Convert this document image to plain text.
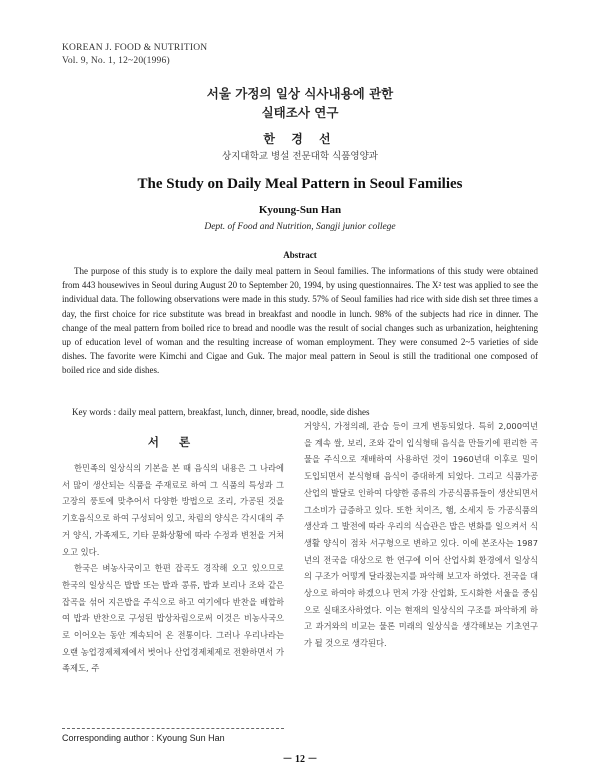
KOREAN J. FOOD & NUTRITION
Vol. 9, No. 1, 12~20(1996)
서울 가정의 일상 식사내용에 관한
실태조사 연구
한 경 선
상지대학교 병설 전문대학 식품영양과
The Study on Daily Meal Pattern in Seoul Families
Kyoung-Sun Han
Dept. of Food and Nutrition, Sangji junior college
Abstract

The purpose of this study is to explore the daily meal pattern in Seoul families. The informations of this study were obtained from 443 housewives in Seoul during August 20 to September 20, 1994, by using questionnaires. The X² test was applied to see the individual data. The following observations were made in this study. 57% of Seoul families had rice with side dish set three times a day, the first choice for rice substitute was bread in breakfast and noodle in lunch. 98% of the subjects had rice in dinner. The change of the meal pattern from boiled rice to bread and noodle was the result of social changes such as urbanization, heightening up of education level of woman and the resulting increase of woman employment. They were consumed 2~5 varieties of side dishes. The favorite were Kimchi and Cigae and Guk. The major meal pattern in Seoul is still the traditional one composed of boiled rice and side dishes.

Key words : daily meal pattern, breakfast, lunch, dinner, bread, noodle, side dishes
서 론

한민족의 일상식의 기본을 본 때 음식의 내용은 그 나라에서 많이 생산되는 식품을 주재료로 하여 그 식품의 특성과 그 고장의 풍토에 맞추어서 다양한 방법으로 조리, 가공된 것을 기호음식으로 하여 구성되어 있고, 차림의 양식은 각시대의 주거 양식, 가족제도, 기타 문화상황에 따라 수정과 변천을 거쳐오고 있다.

한국은 벼농사국이고 한편 잡곡도 경작해 오고 있으므로 한국의 일상식은 밥밥 또는 밥과 콩류, 밥과 보리나 조와 같은 잡곡을 섞어 지은밥을 주식으로 하고 여기에다 반찬을 배합하여 밥과 반찬으로 구성된 밥상차림으로써 이것은 비농사국으로 이어오는 동안 계속되어 온 전통이다. 그러나 우리나라는 오랜 농업경제체제에서 벗어나 산업경제체제로 전환하면서 가족제도, 주

거양식, 가정의례, 관습 등이 크게 변동되었다. 특히 2,000여년을 계속 쌀, 보리, 조와 같이 입식형태 음식을 만들기에 편리한 곡물을 주식으로 재배하여 사용하던 것이 1960년대 이후로 밀이 도입되면서 분식형태 음식이 증대하게 되었다. 그리고 식품가공산업의 발달로 인하여 다양한 종류의 가공식품류들이 생산되면서 그소비가 급증하고 있다. 또한 치이즈, 햄, 소세지 등 가공식품의 생산과 그 발전에 따라 우리의 식습관은 밥은 변화를 일으켜서 식생활 양식이 점차 서구형으로 변하고 있다. 이에 본조사는 1987년의 전국을 대상으로 한 연구에 이어 산업사회 환경에서 일상식의 구조가 어떻게 달라졌는지를 파악해 보고자 하였다. 전국을 대상으로 하여야 하겠으나 먼저 가장 산업화, 도시화한 서울을 중심으로 실태조사하였다. 이는 현재의 일상식의 구조를 파악하게 하고 과거와의 비교는 물론 미래의 일상식을 생각해보는 기초연구가 될 것으로 생각된다.

Corresponding author : Kyoung Sun Han
－ 12 －
